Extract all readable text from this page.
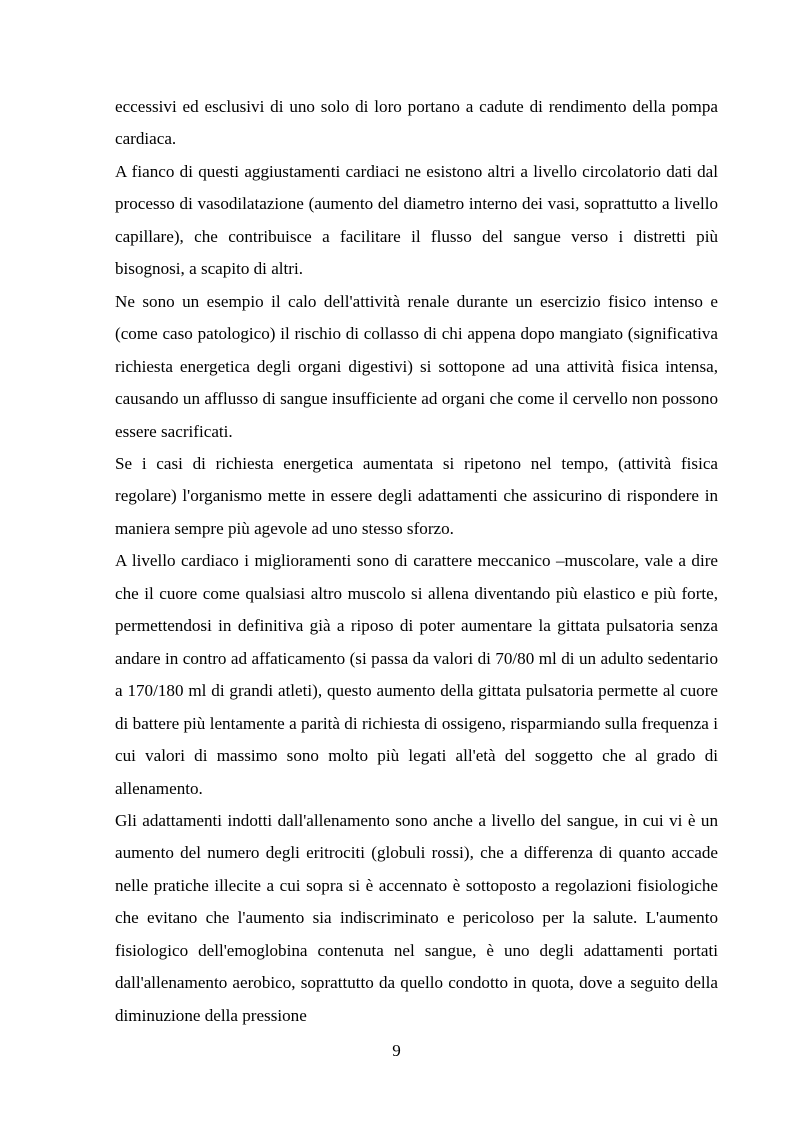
eccessivi ed esclusivi di uno solo di loro portano a cadute di rendimento della pompa cardiaca.

A fianco di questi aggiustamenti cardiaci ne esistono altri a livello circolatorio dati dal processo di vasodilatazione (aumento del diametro interno dei vasi, soprattutto a livello capillare), che contribuisce a facilitare il flusso del sangue verso i distretti più bisognosi, a scapito di altri.

Ne sono un esempio il calo dell'attività renale durante un esercizio fisico intenso e (come caso patologico) il rischio di collasso di chi appena dopo mangiato (significativa richiesta energetica degli organi digestivi) si sottopone ad una attività fisica intensa, causando un afflusso di sangue insufficiente ad organi che come il cervello non possono essere sacrificati.

Se i casi di richiesta energetica aumentata si ripetono nel tempo, (attività fisica regolare) l'organismo mette in essere degli adattamenti che assicurino di rispondere in maniera sempre più agevole ad uno stesso sforzo.

A livello cardiaco i miglioramenti sono di carattere meccanico –muscolare, vale a dire che il cuore come qualsiasi altro muscolo si allena diventando più elastico e più forte, permettendosi in definitiva già a riposo di poter aumentare la gittata pulsatoria senza andare in contro ad affaticamento (si passa da valori di 70/80 ml di un adulto sedentario a 170/180 ml di grandi atleti), questo aumento della gittata pulsatoria permette al cuore di battere più lentamente a parità di richiesta di ossigeno, risparmiando sulla frequenza i cui valori di massimo sono molto più legati all'età del soggetto che al grado di allenamento.

Gli adattamenti indotti dall'allenamento sono anche a livello del sangue, in cui vi è un aumento del numero degli eritrociti (globuli rossi), che a differenza di quanto accade nelle pratiche illecite a cui sopra si è accennato è sottoposto a regolazioni fisiologiche che evitano che l'aumento sia indiscriminato e pericoloso per la salute. L'aumento fisiologico dell'emoglobina contenuta nel sangue, è uno degli adattamenti portati dall'allenamento aerobico, soprattutto da quello condotto in quota, dove a seguito della diminuzione della pressione

9
